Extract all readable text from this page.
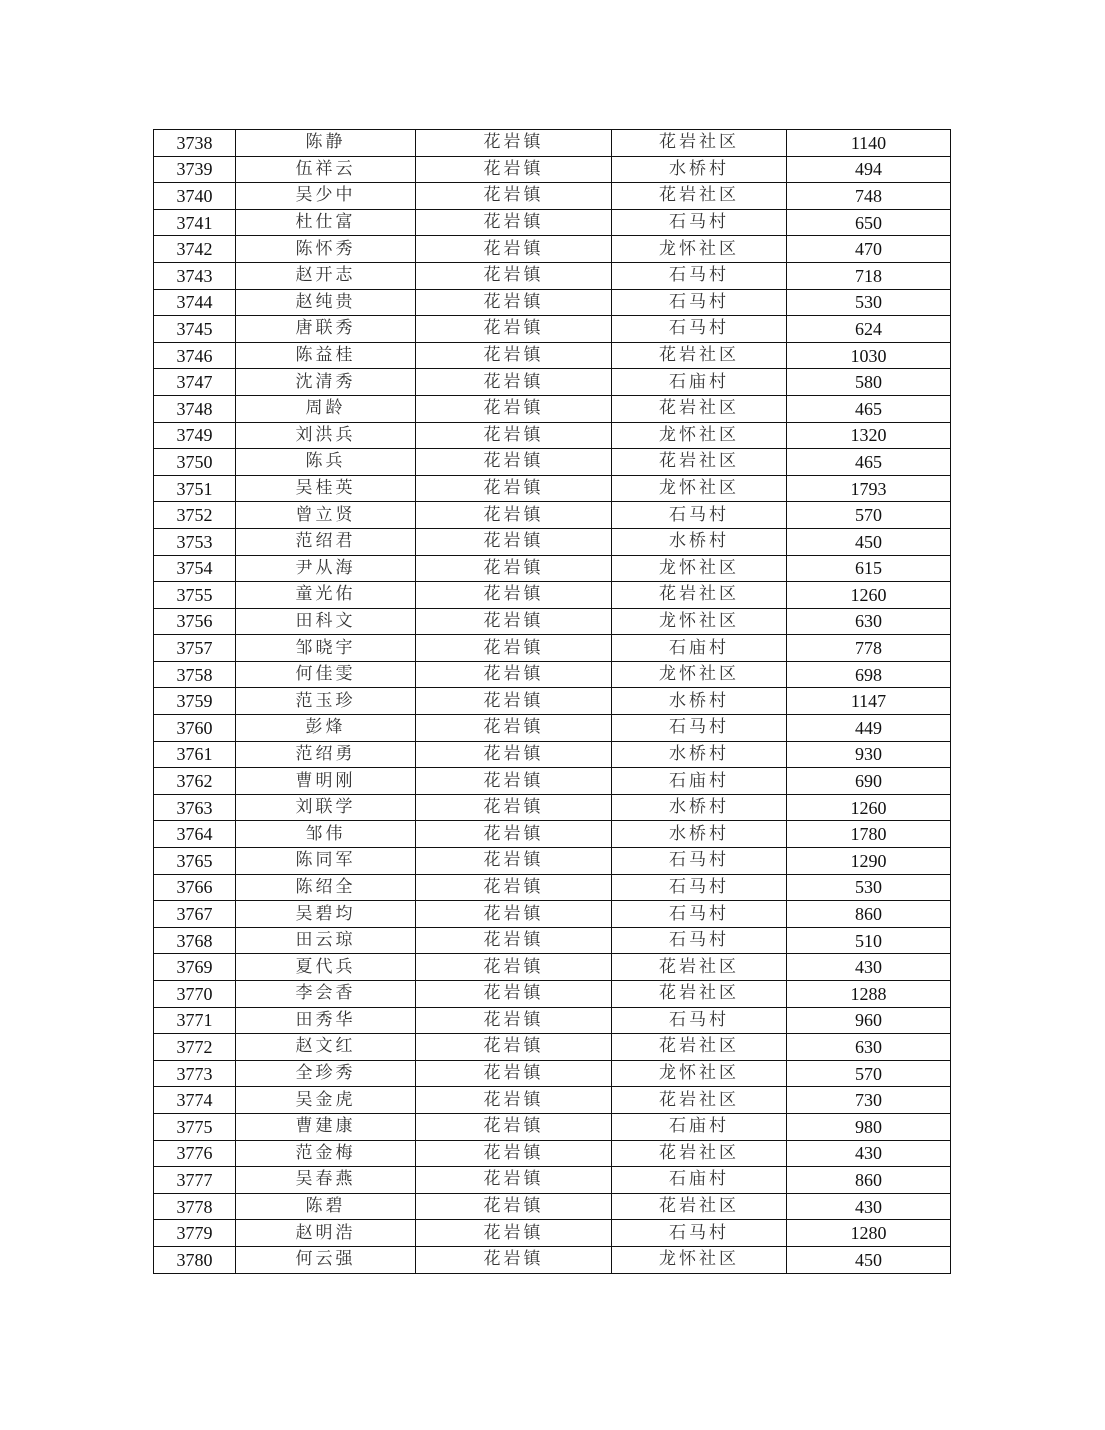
3738	陈静	花岩镇	花岩社区	1140
3739	伍祥云	花岩镇	水桥村	494
3740	吴少中	花岩镇	花岩社区	748
3741	杜仕富	花岩镇	石马村	650
3742	陈怀秀	花岩镇	龙怀社区	470
3743	赵开志	花岩镇	石马村	718
3744	赵纯贵	花岩镇	石马村	530
3745	唐联秀	花岩镇	石马村	624
3746	陈益桂	花岩镇	花岩社区	1030
3747	沈清秀	花岩镇	石庙村	580
3748	周龄	花岩镇	花岩社区	465
3749	刘洪兵	花岩镇	龙怀社区	1320
3750	陈兵	花岩镇	花岩社区	465
3751	吴桂英	花岩镇	龙怀社区	1793
3752	曾立贤	花岩镇	石马村	570
3753	范绍君	花岩镇	水桥村	450
3754	尹从海	花岩镇	龙怀社区	615
3755	童光佑	花岩镇	花岩社区	1260
3756	田科文	花岩镇	龙怀社区	630
3757	邹晓宇	花岩镇	石庙村	778
3758	何佳雯	花岩镇	龙怀社区	698
3759	范玉珍	花岩镇	水桥村	1147
3760	彭烽	花岩镇	石马村	449
3761	范绍勇	花岩镇	水桥村	930
3762	曹明刚	花岩镇	石庙村	690
3763	刘联学	花岩镇	水桥村	1260
3764	邹伟	花岩镇	水桥村	1780
3765	陈同军	花岩镇	石马村	1290
3766	陈绍全	花岩镇	石马村	530
3767	吴碧均	花岩镇	石马村	860
3768	田云琼	花岩镇	石马村	510
3769	夏代兵	花岩镇	花岩社区	430
3770	李会香	花岩镇	花岩社区	1288
3771	田秀华	花岩镇	石马村	960
3772	赵文红	花岩镇	花岩社区	630
3773	全珍秀	花岩镇	龙怀社区	570
3774	吴金虎	花岩镇	花岩社区	730
3775	曹建康	花岩镇	石庙村	980
3776	范金梅	花岩镇	花岩社区	430
3777	吴春燕	花岩镇	石庙村	860
3778	陈碧	花岩镇	花岩社区	430
3779	赵明浩	花岩镇	石马村	1280
3780	何云强	花岩镇	龙怀社区	450
